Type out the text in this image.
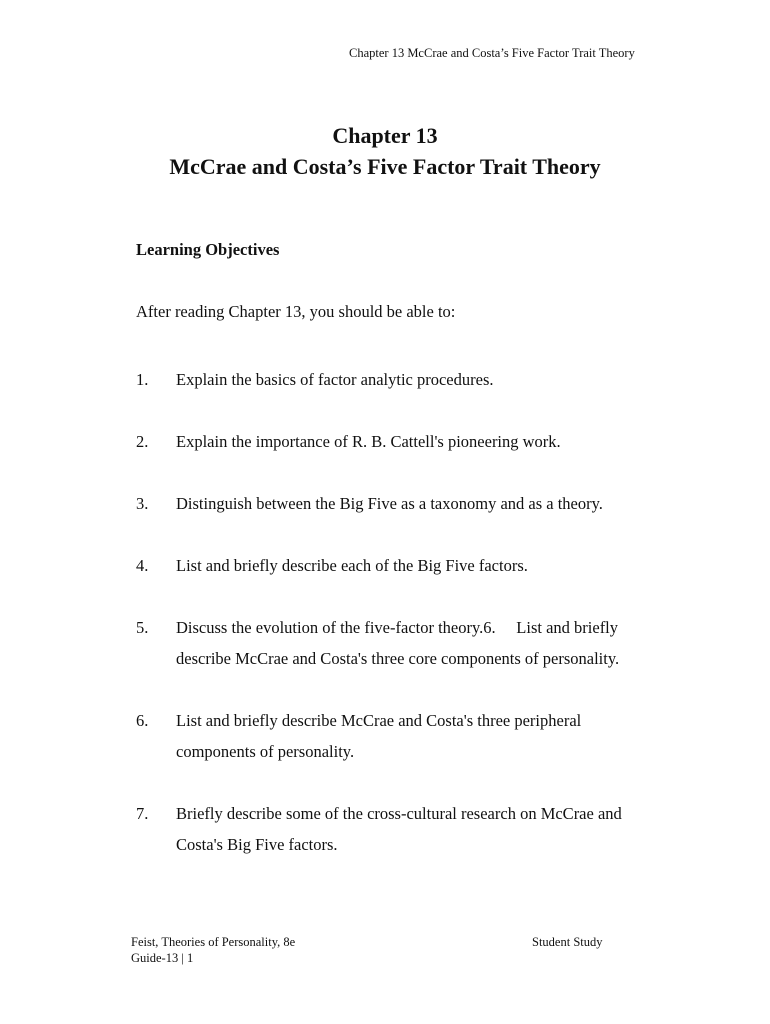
Chapter 13 McCrae and Costa’s Five Factor Trait Theory
Chapter 13
McCrae and Costa’s Five Factor Trait Theory
Learning Objectives
After reading Chapter 13, you should be able to:
1. Explain the basics of factor analytic procedures.
2. Explain the importance of R. B. Cattell's pioneering work.
3. Distinguish between the Big Five as a taxonomy and as a theory.
4. List and briefly describe each of the Big Five factors.
5. Discuss the evolution of the five-factor theory.6.     List and briefly describe McCrae and Costa's three core components of personality.
6. List and briefly describe McCrae and Costa's three peripheral components of personality.
7. Briefly describe some of the cross-cultural research on McCrae and Costa's Big Five factors.
Feist, Theories of Personality, 8e
Guide-13 | 1
Student Study
